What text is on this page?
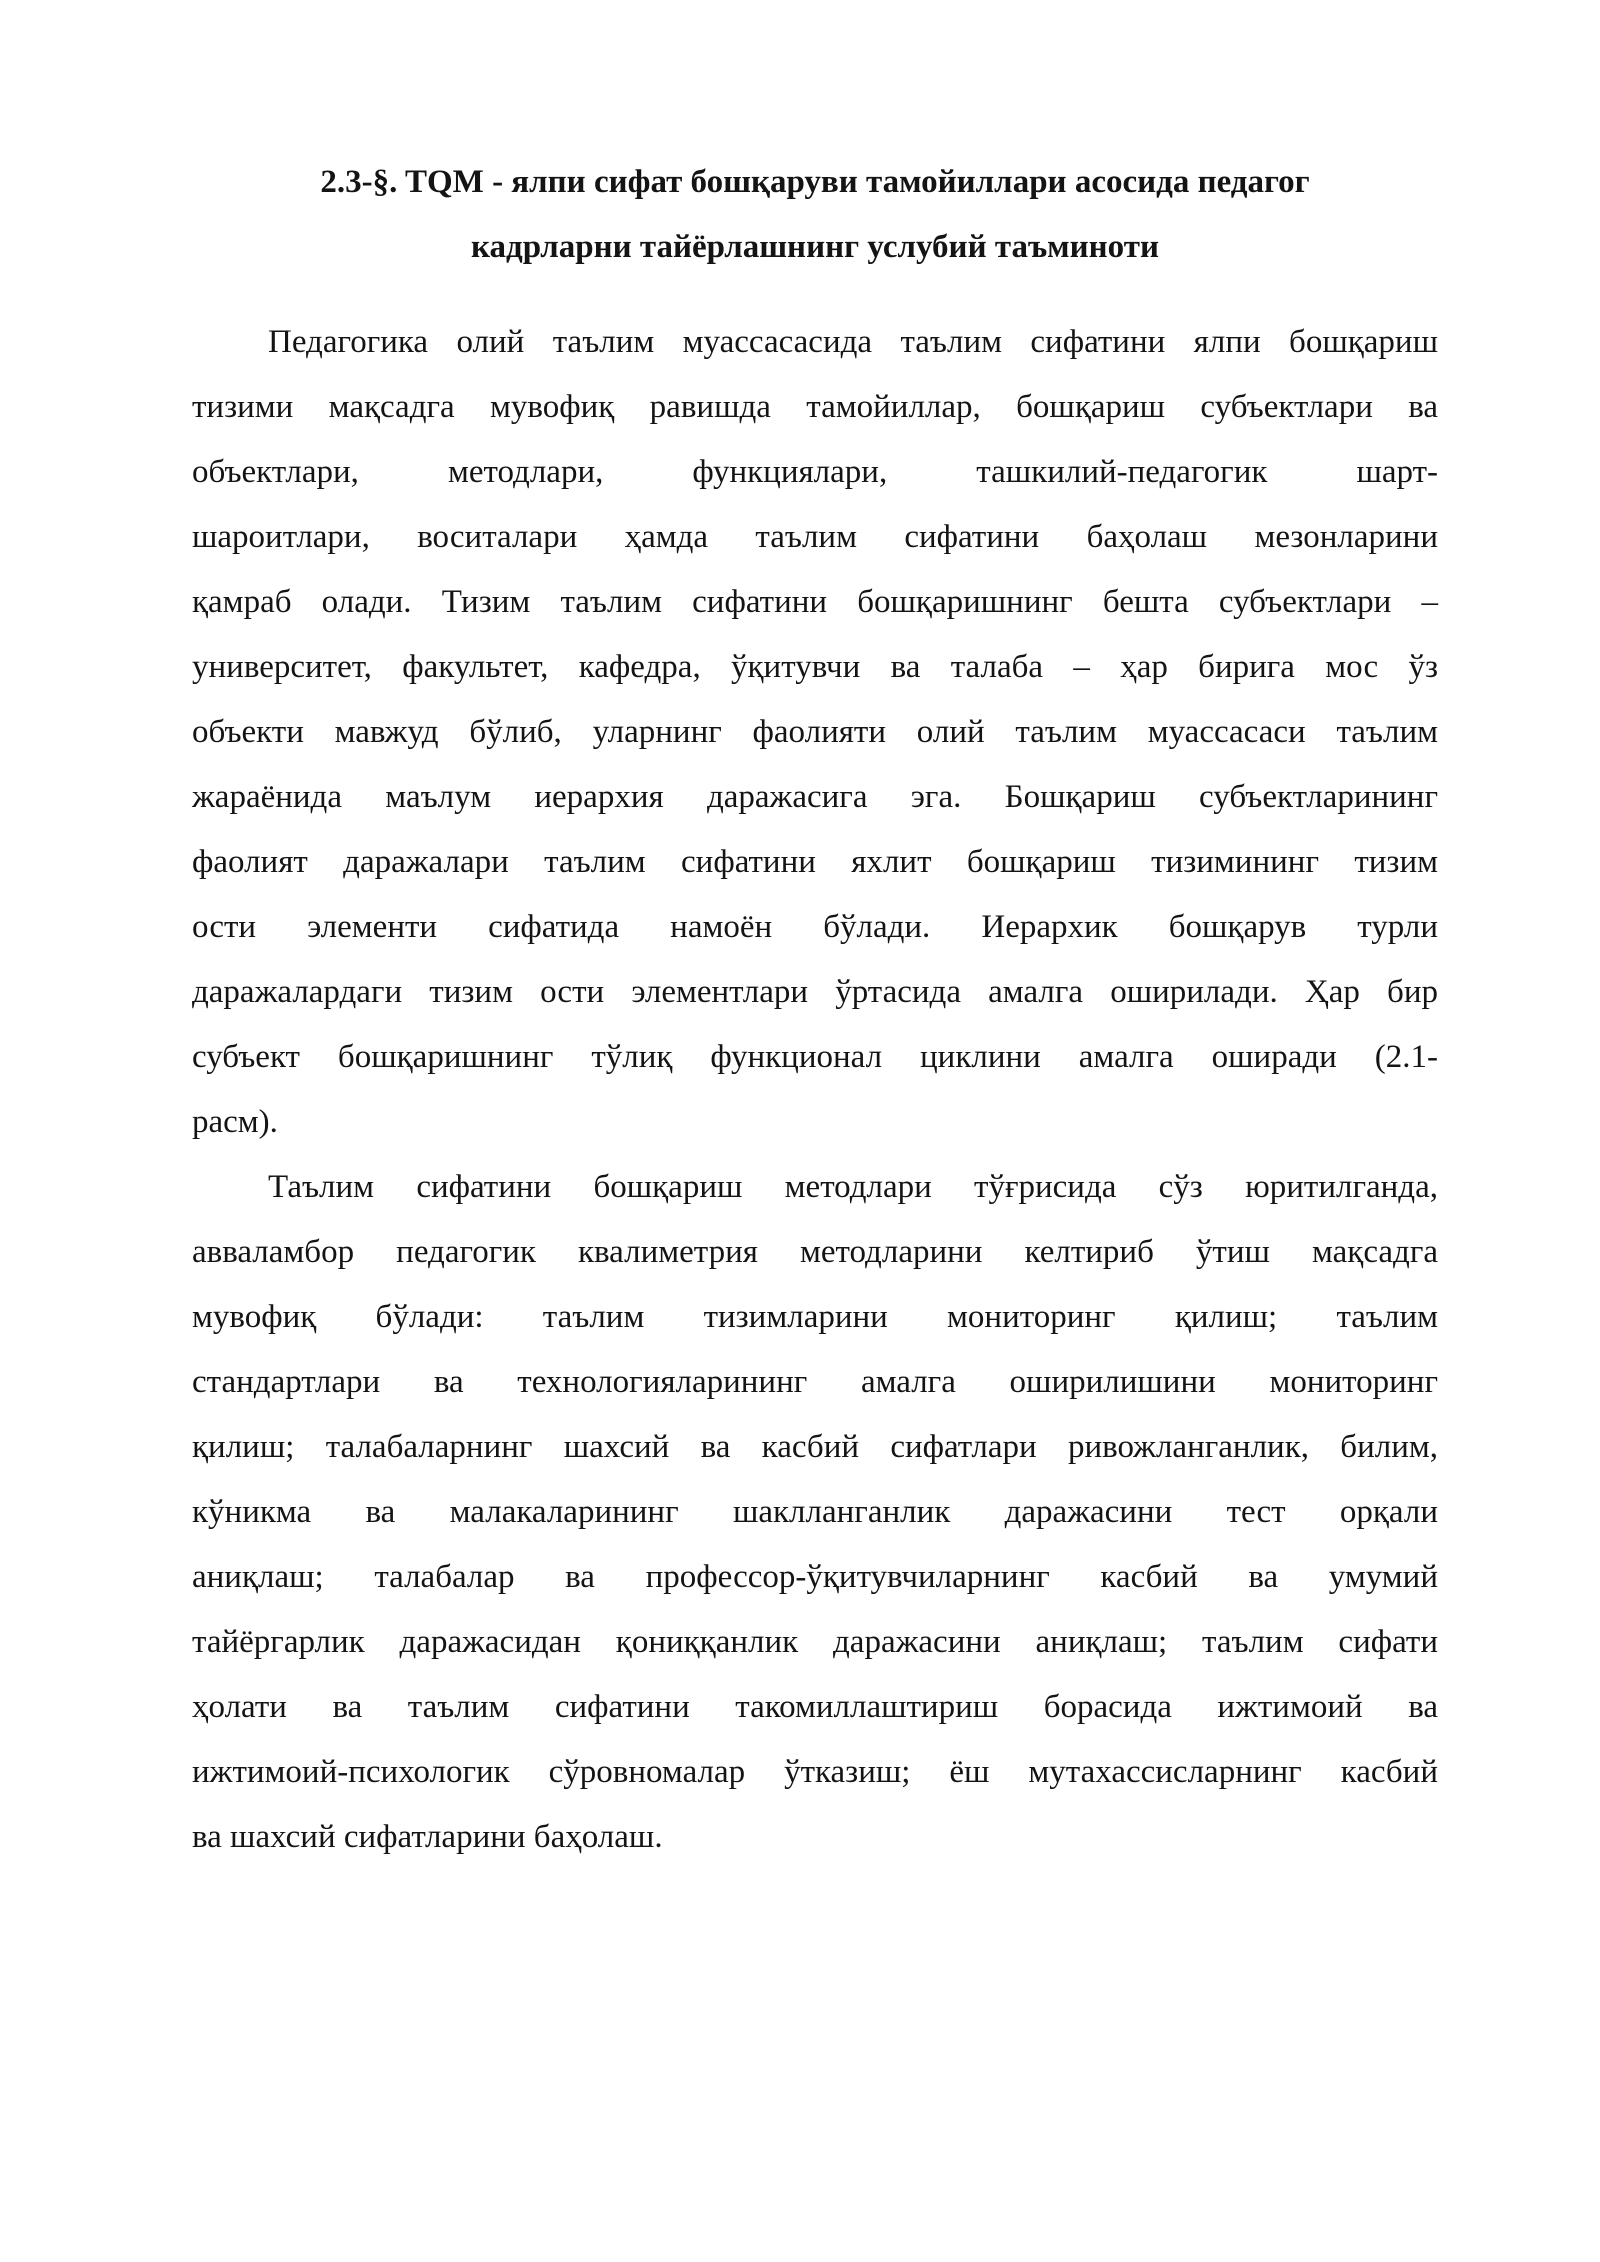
2.3-§. TQM - ялпи сифат бошқаруви тамойиллари асосида педагог
кадрларни тайёрлашнинг услубий таъминоти

Педагогика олий таълим муассасасида таълим сифатини ялпи бошқариш
тизими мақсадга мувофиқ равишда тамойиллар, бошқариш субъектлари ва
объектлари, методлари, функциялари, ташкилий-педагогик шарт-
шароитлари, воситалари ҳамда таълим сифатини баҳолаш мезонларини
қамраб олади. Тизим таълим сифатини бошқаришнинг бешта субъектлари –
университет, факультет, кафедра, ўқитувчи ва талаба – ҳар бирига мос ўз
объекти мавжуд бўлиб, уларнинг фаолияти олий таълим муассасаси таълим
жараёнида маълум иерархия даражасига эга. Бошқариш субъектларининг
фаолият даражалари таълим сифатини яхлит бошқариш тизимининг тизим
ости элементи сифатида намоён бўлади. Иерархик бошқарув турли
даражалардаги тизим ости элементлари ўртасида амалга оширилади. Ҳар бир
субъект бошқаришнинг тўлиқ функционал циклини амалга оширади (2.1-
расм).

Таълим сифатини бошқариш методлари тўғрисида сўз юритилганда,
авваламбор педагогик квалиметрия методларини келтириб ўтиш мақсадга
мувофиқ бўлади: таълим тизимларини мониторинг қилиш; таълим
стандартлари ва технологияларининг амалга оширилишини мониторинг
қилиш; талабаларнинг шахсий ва касбий сифатлари ривожланганлик, билим,
кўникма ва малакаларининг шаклланганлик даражасини тест орқали
аниқлаш; талабалар ва профессор-ўқитувчиларнинг касбий ва умумий
тайёргарлик даражасидан қониққанлик даражасини аниқлаш; таълим сифати
ҳолати ва таълим сифатини такомиллаштириш борасида ижтимоий ва
ижтимоий-психологик сўровномалар ўтказиш; ёш мутахассисларнинг касбий
ва шахсий сифатларини баҳолаш.
